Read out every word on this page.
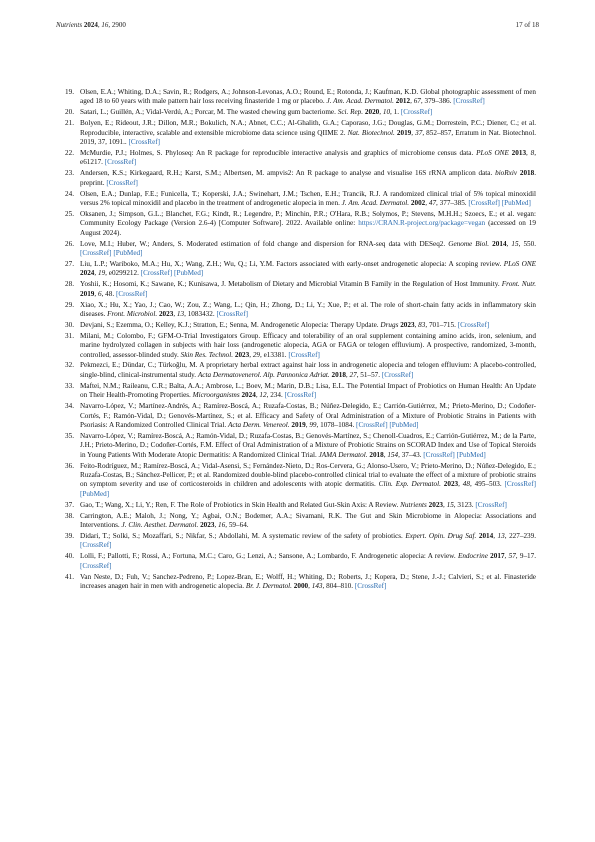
Nutrients 2024, 16, 2900	17 of 18
19. Olsen, E.A.; Whiting, D.A.; Savin, R.; Rodgers, A.; Johnson-Levonas, A.O.; Round, E.; Rotonda, J.; Kaufman, K.D. Global photographic assessment of men aged 18 to 60 years with male pattern hair loss receiving finasteride 1 mg or placebo. J. Am. Acad. Dermatol. 2012, 67, 379–386. [CrossRef]
20. Satari, L.; Guillén, A.; Vidal-Verdú, A.; Porcar, M. The wasted chewing gum bacteriome. Sci. Rep. 2020, 10, 1. [CrossRef]
21. Bolyen, E.; Rideout, J.R.; Dillon, M.R.; Bokulich, N.A.; Abnet, C.C.; Al-Ghalith, G.A.; Caporaso, J.G.; Douglas, G.M.; Dorrestein, P.C.; Diener, C.; et al. Reproducible, interactive, scalable and extensible microbiome data science using QIIME 2. Nat. Biotechnol. 2019, 37, 852–857, Erratum in Nat. Biotechnol. 2019, 37, 1091.. [CrossRef]
22. McMurdie, P.J.; Holmes, S. Phyloseq: An R package for reproducible interactive analysis and graphics of microbiome census data. PLoS ONE 2013, 8, e61217. [CrossRef]
23. Andersen, K.S.; Kirkegaard, R.H.; Karst, S.M.; Albertsen, M. ampvis2: An R package to analyse and visualise 16S rRNA amplicon data. bioRxiv 2018. preprint. [CrossRef]
24. Olsen, E.A.; Dunlap, F.E.; Funicella, T.; Koperski, J.A.; Swinehart, J.M.; Tschen, E.H.; Trancik, R.J. A randomized clinical trial of 5% topical minoxidil versus 2% topical minoxidil and placebo in the treatment of androgenetic alopecia in men. J. Am. Acad. Dermatol. 2002, 47, 377–385. [CrossRef] [PubMed]
25. Oksanen, J.; Simpson, G.L.; Blanchet, F.G.; Kindt, R.; Legendre, P.; Minchin, P.R.; O'Hara, R.B.; Solymos, P.; Stevens, M.H.H.; Szoecs, E.; et al. vegan: Community Ecology Package (Version 2.6-4) [Computer Software]. 2022. Available online: https://CRAN.R-project.org/package=vegan (accessed on 19 August 2024).
26. Love, M.I.; Huber, W.; Anders, S. Moderated estimation of fold change and dispersion for RNA-seq data with DESeq2. Genome Biol. 2014, 15, 550. [CrossRef] [PubMed]
27. Liu, L.P.; Wariboko, M.A.; Hu, X.; Wang, Z.H.; Wu, Q.; Li, Y.M. Factors associated with early-onset androgenetic alopecia: A scoping review. PLoS ONE 2024, 19, e0299212. [CrossRef] [PubMed]
28. Yoshii, K.; Hosomi, K.; Sawane, K.; Kunisawa, J. Metabolism of Dietary and Microbial Vitamin B Family in the Regulation of Host Immunity. Front. Nutr. 2019, 6, 48. [CrossRef]
29. Xiao, X.; Hu, X.; Yao, J.; Cao, W.; Zou, Z.; Wang, L.; Qin, H.; Zhong, D.; Li, Y.; Xue, P.; et al. The role of short-chain fatty acids in inflammatory skin diseases. Front. Microbiol. 2023, 13, 1083432. [CrossRef]
30. Devjani, S.; Ezemma, O.; Kelley, K.J.; Stratton, E.; Senna, M. Androgenetic Alopecia: Therapy Update. Drugs 2023, 83, 701–715. [CrossRef]
31. Milani, M.; Colombo, F.; GFM-O-Trial Investigators Group. Efficacy and tolerability of an oral supplement containing amino acids, iron, selenium, and marine hydrolyzed collagen in subjects with hair loss (androgenetic alopecia, AGA or FAGA or telogen effluvium). A prospective, randomized, 3-month, controlled, assessor-blinded study. Skin Res. Technol. 2023, 29, e13381. [CrossRef]
32. Pekmezci, E.; Dündar, C.; Türkoğlu, M. A proprietary herbal extract against hair loss in androgenetic alopecia and telogen effluvium: A placebo-controlled, single-blind, clinical-instrumental study. Acta Dermatovenerol. Alp. Pannonica Adriat. 2018, 27, 51–57. [CrossRef]
33. Maftei, N.M.; Raileanu, C.R.; Balta, A.A.; Ambrose, L.; Boev, M.; Marin, D.B.; Lisa, E.L. The Potential Impact of Probiotics on Human Health: An Update on Their Health-Promoting Properties. Microorganisms 2024, 12, 234. [CrossRef]
34. Navarro-López, V.; Martínez-Andrés, A.; Ramírez-Boscá, A.; Ruzafa-Costas, B.; Núñez-Delegido, E.; Carrión-Gutiérrez, M.; Prieto-Merino, D.; Codoñer-Cortés, F.; Ramón-Vidal, D.; Genovés-Martínez, S.; et al. Efficacy and Safety of Oral Administration of a Mixture of Probiotic Strains in Patients with Psoriasis: A Randomized Controlled Clinical Trial. Acta Derm. Venereol. 2019, 99, 1078–1084. [CrossRef] [PubMed]
35. Navarro-López, V.; Ramírez-Boscá, A.; Ramón-Vidal, D.; Ruzafa-Costas, B.; Genovés-Martínez, S.; Chenoll-Cuadros, E.; Carrión-Gutiérrez, M.; de la Parte, J.H.; Prieto-Merino, D.; Codoñer-Cortés, F.M. Effect of Oral Administration of a Mixture of Probiotic Strains on SCORAD Index and Use of Topical Steroids in Young Patients With Moderate Atopic Dermatitis: A Randomized Clinical Trial. JAMA Dermatol. 2018, 154, 37–43. [CrossRef] [PubMed]
36. Feito-Rodríguez, M.; Ramírez-Boscá, A.; Vidal-Asensi, S.; Fernández-Nieto, D.; Ros-Cervera, G.; Alonso-Usero, V.; Prieto-Merino, D.; Núñez-Delegido, E.; Ruzafa-Costas, B.; Sánchez-Pellicer, P.; et al. Randomized double-blind placebo-controlled clinical trial to evaluate the effect of a mixture of probiotic strains on symptom severity and use of corticosteroids in children and adolescents with atopic dermatitis. Clin. Exp. Dermatol. 2023, 48, 495–503. [CrossRef] [PubMed]
37. Gao, T.; Wang, X.; Li, Y.; Ren, F. The Role of Probiotics in Skin Health and Related Gut-Skin Axis: A Review. Nutrients 2023, 15, 3123. [CrossRef]
38. Carrington, A.E.; Maloh, J.; Nong, Y.; Agbai, O.N.; Bodemer, A.A.; Sivamani, R.K. The Gut and Skin Microbiome in Alopecia: Associations and Interventions. J. Clin. Aesthet. Dermatol. 2023, 16, 59–64.
39. Didari, T.; Solki, S.; Mozaffari, S.; Nikfar, S.; Abdollahi, M. A systematic review of the safety of probiotics. Expert. Opin. Drug Saf. 2014, 13, 227–239. [CrossRef]
40. Lolli, F.; Pallotti, F.; Rossi, A.; Fortuna, M.C.; Caro, G.; Lenzi, A.; Sansone, A.; Lombardo, F. Androgenetic alopecia: A review. Endocrine 2017, 57, 9–17. [CrossRef]
41. Van Neste, D.; Fuh, V.; Sanchez-Pedreno, P.; Lopez-Bran, E.; Wolff, H.; Whiting, D.; Roberts, J.; Kopera, D.; Stene, J.-J.; Calvieri, S.; et al. Finasteride increases anagen hair in men with androgenetic alopecia. Br. J. Dermatol. 2000, 143, 804–810. [CrossRef]
